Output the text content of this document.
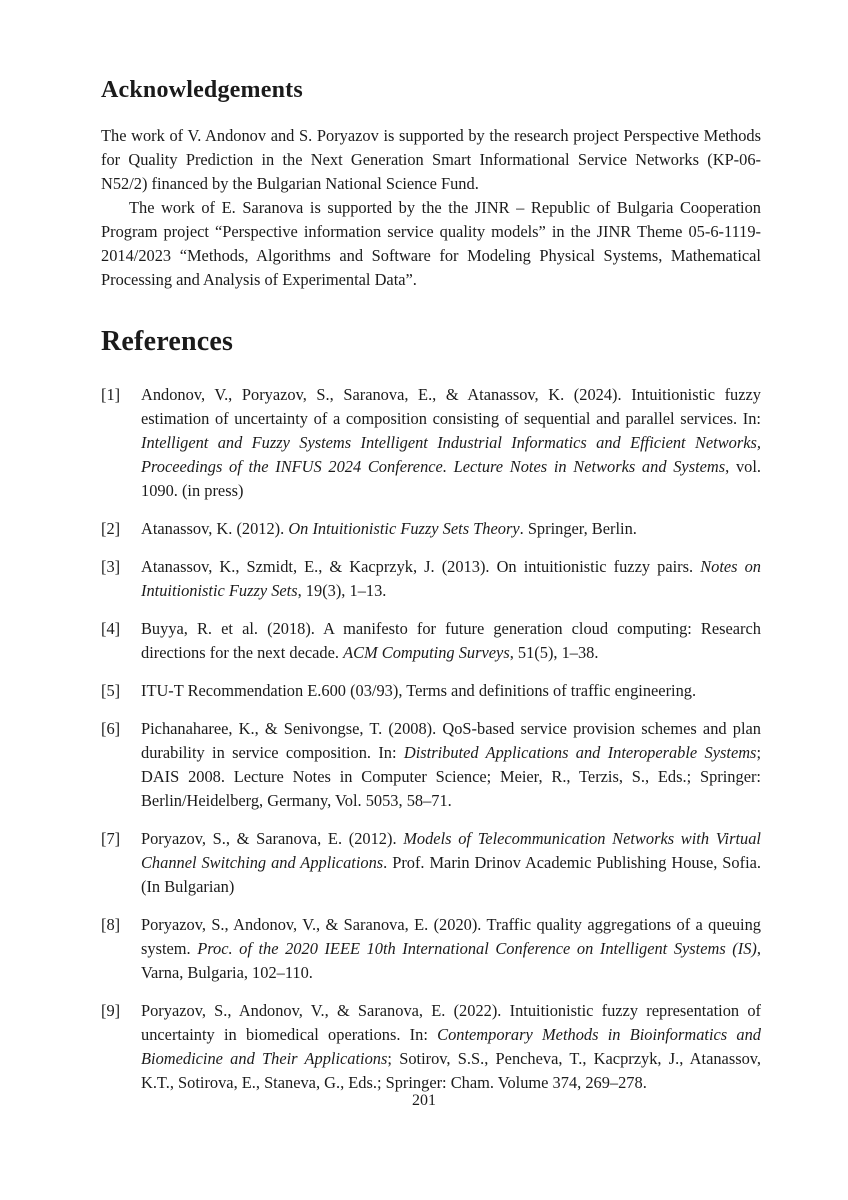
Acknowledgements

The work of V. Andonov and S. Poryazov is supported by the research project Perspective Methods for Quality Prediction in the Next Generation Smart Informational Service Networks (KP-06-N52/2) financed by the Bulgarian National Science Fund.

The work of E. Saranova is supported by the the JINR – Republic of Bulgaria Cooperation Program project “Perspective information service quality models” in the JINR Theme 05-6-1119-2014/2023 “Methods, Algorithms and Software for Modeling Physical Systems, Mathematical Processing and Analysis of Experimental Data”.

References
[1] Andonov, V., Poryazov, S., Saranova, E., & Atanassov, K. (2024). Intuitionistic fuzzy estimation of uncertainty of a composition consisting of sequential and parallel services. In: Intelligent and Fuzzy Systems Intelligent Industrial Informatics and Efficient Networks, Proceedings of the INFUS 2024 Conference. Lecture Notes in Networks and Systems, vol. 1090. (in press)
[2] Atanassov, K. (2012). On Intuitionistic Fuzzy Sets Theory. Springer, Berlin.
[3] Atanassov, K., Szmidt, E., & Kacprzyk, J. (2013). On intuitionistic fuzzy pairs. Notes on Intuitionistic Fuzzy Sets, 19(3), 1–13.
[4] Buyya, R. et al. (2018). A manifesto for future generation cloud computing: Research directions for the next decade. ACM Computing Surveys, 51(5), 1–38.
[5] ITU-T Recommendation E.600 (03/93), Terms and definitions of traffic engineering.
[6] Pichanaharee, K., & Senivongse, T. (2008). QoS-based service provision schemes and plan durability in service composition. In: Distributed Applications and Interoperable Systems; DAIS 2008. Lecture Notes in Computer Science; Meier, R., Terzis, S., Eds.; Springer: Berlin/Heidelberg, Germany, Vol. 5053, 58–71.
[7] Poryazov, S., & Saranova, E. (2012). Models of Telecommunication Networks with Virtual Channel Switching and Applications. Prof. Marin Drinov Academic Publishing House, Sofia. (In Bulgarian)
[8] Poryazov, S., Andonov, V., & Saranova, E. (2020). Traffic quality aggregations of a queuing system. Proc. of the 2020 IEEE 10th International Conference on Intelligent Systems (IS), Varna, Bulgaria, 102–110.
[9] Poryazov, S., Andonov, V., & Saranova, E. (2022). Intuitionistic fuzzy representation of uncertainty in biomedical operations. In: Contemporary Methods in Bioinformatics and Biomedicine and Their Applications; Sotirov, S.S., Pencheva, T., Kacprzyk, J., Atanassov, K.T., Sotirova, E., Staneva, G., Eds.; Springer: Cham. Volume 374, 269–278.
201
